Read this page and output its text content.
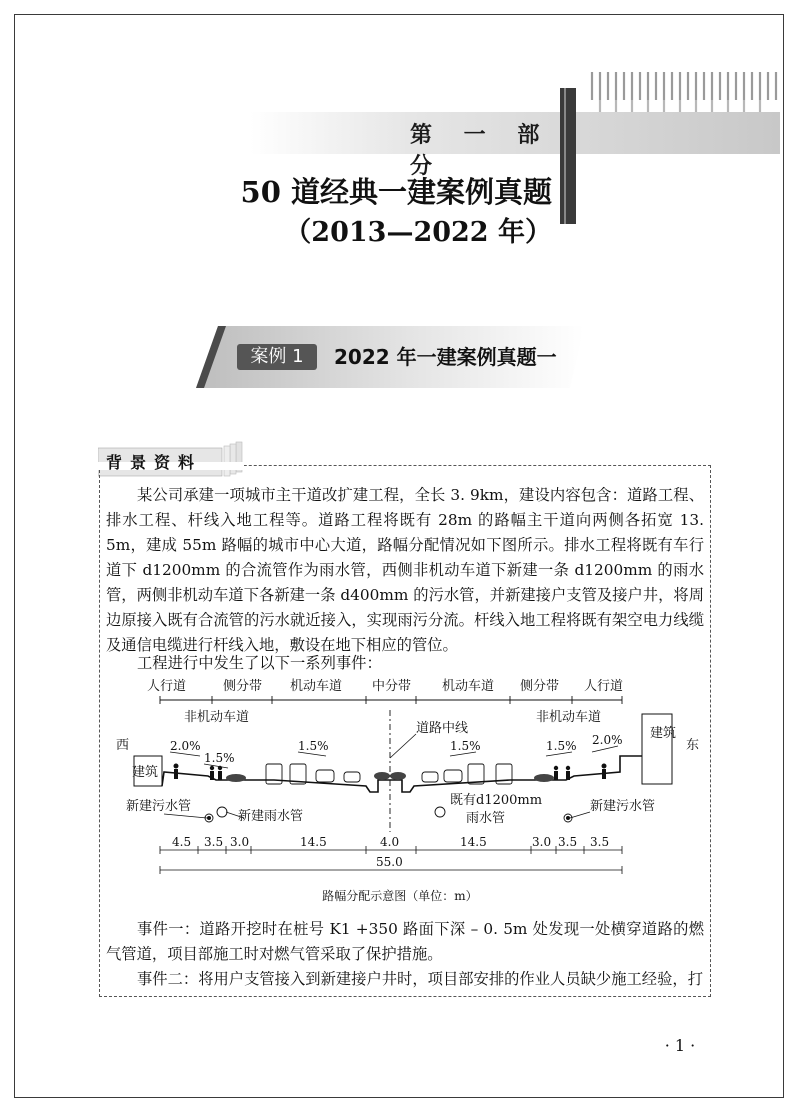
第 一 部 分
50 道经典一建案例真题
（2013—2022 年）
案例 1	2022 年一建案例真题一
背景资料
某公司承建一项城市主干道改扩建工程，全长 3. 9km，建设内容包含：道路工程、排水工程、杆线入地工程等。道路工程将既有 28m 的路幅主干道向两侧各拓宽 13. 5m，建成 55m 路幅的城市中心大道，路幅分配情况如下图所示。排水工程将既有车行道下 d1200mm 的合流管作为雨水管，西侧非机动车道下新建一条 d1200mm 的雨水管，两侧非机动车道下各新建一条 d400mm 的污水管，并新建接户支管及接户井，将周边原接入既有合流管的污水就近接入，实现雨污分流。杆线入地工程将既有架空电力线缆及通信电缆进行杆线入地，敷设在地下相应的管位。
工程进行中发生了以下一系列事件：
人行道	侧分带 机动车道 中分带 机动车道 侧分带 人行道
非机动车道	非机动车道
西	东
建筑
建筑
道路中线
2.0%
1.5%
1.5%	1.5%	1.5% 2.0%
新建污水管
新建雨水管
既有d1200mm
雨水管
新建污水管
4.5 3.5 3.0	14.5	4.0	14.5	3.0 3.5 3.5
55.0
路幅分配示意图（单位：m）
事件一：道路开挖时在桩号 K1 +350 路面下深 – 0. 5m 处发现一处横穿道路的燃气管道，项目部施工时对燃气管采取了保护措施。
事件二：将用户支管接入到新建接户井时，项目部安排的作业人员缺少施工经验，打
· 1 ·
